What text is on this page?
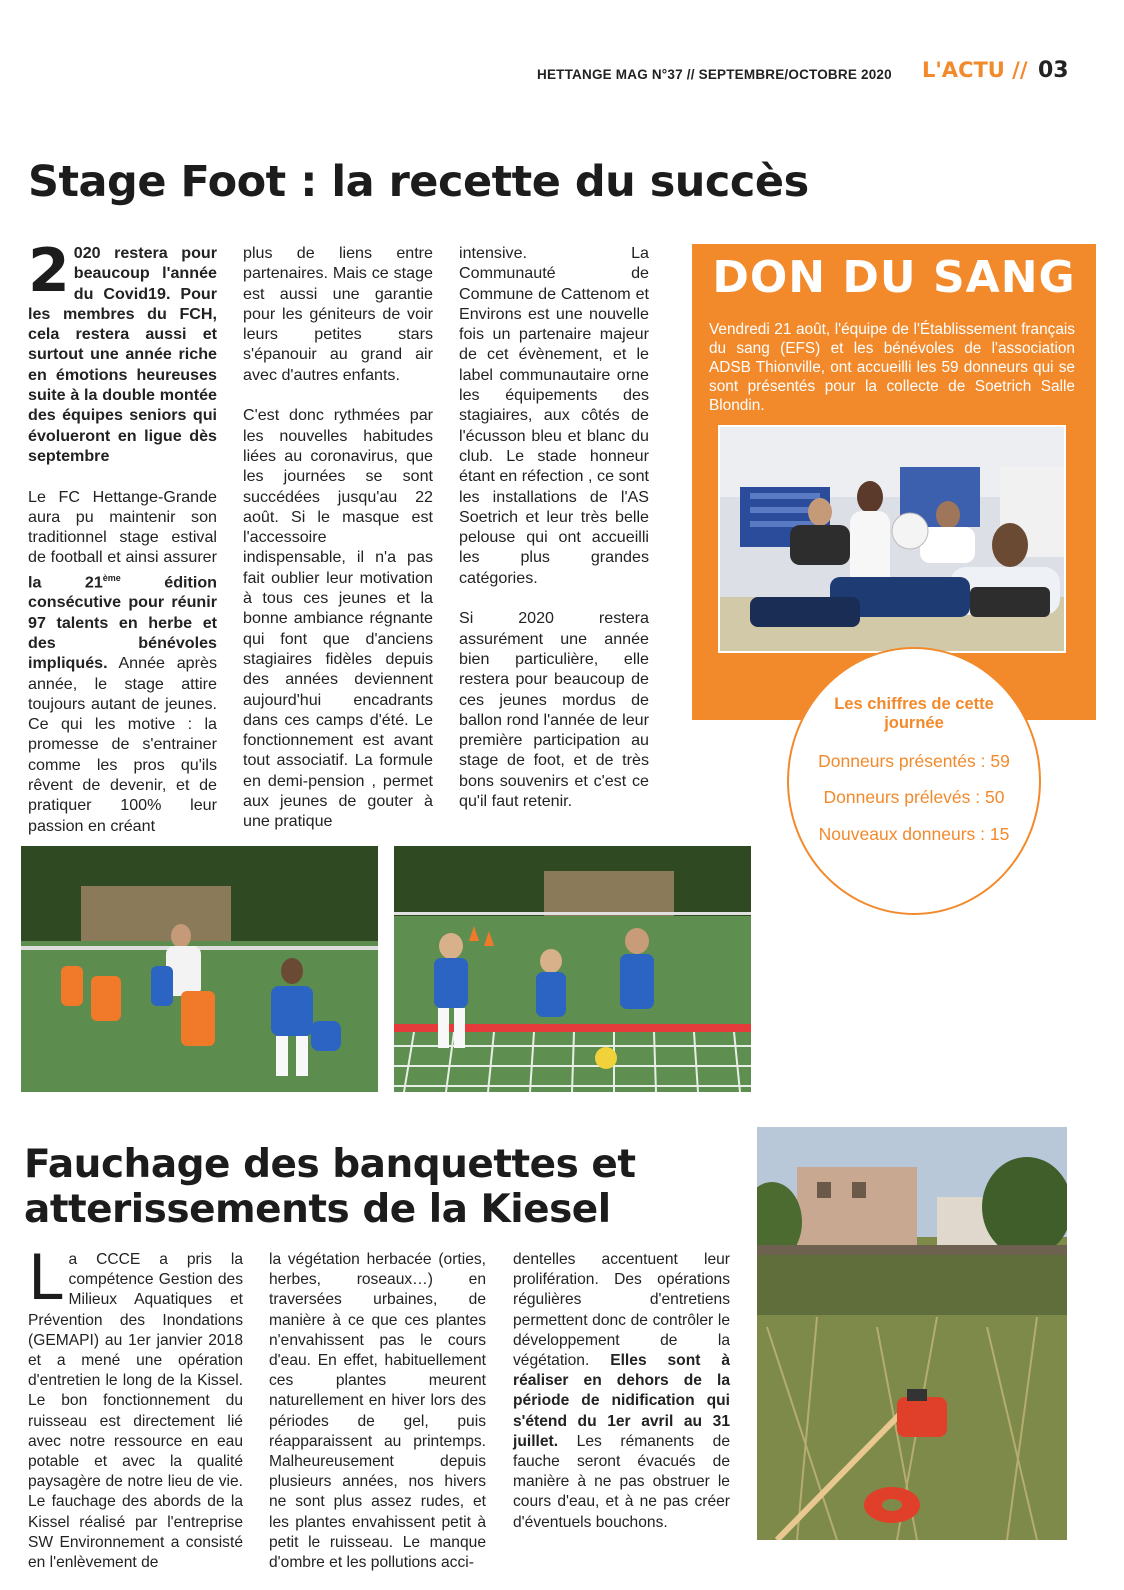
HETTANGE MAG N°37 // SEPTEMBRE/OCTOBRE 2020 L'ACTU // 03
Stage Foot : la recette du succès

2 020 restera pour beaucoup l'année du Covid19. Pour les membres du FCH, cela restera aussi et surtout une année riche en émotions heureuses suite à la double montée des équipes seniors qui évolueront en ligue dès septembre

Le FC Hettange-Grande aura pu maintenir son traditionnel stage estival de football et ainsi assurer la 21ème édition consécutive pour réunir 97 talents en herbe et des bénévoles impliqués. Année après année, le stage attire toujours autant de jeunes. Ce qui les motive : la promesse de s'entrainer comme les pros qu'ils rêvent de devenir, et de pratiquer 100% leur passion en créant

plus de liens entre partenaires. Mais ce stage est aussi une garantie pour les géniteurs de voir leurs petites stars s'épanouir au grand air avec d'autres enfants.

C'est donc rythmées par les nouvelles habitudes liées au coronavirus, que les journées se sont succédées jusqu'au 22 août. Si le masque est l'accessoire indispensable, il n'a pas fait oublier leur motivation à tous ces jeunes et la bonne ambiance régnante qui font que d'anciens stagiaires fidèles depuis des années deviennent aujourd'hui encadrants dans ces camps d'été. Le fonctionnement est avant tout associatif. La formule en demi-pension , permet aux jeunes de gouter à une pratique

intensive. La Communauté de Commune de Cattenom et Environs est une nouvelle fois un partenaire majeur de cet évènement, et le label communautaire orne les équipements des stagiaires, aux côtés de l'écusson bleu et blanc du club. Le stade honneur étant en réfection , ce sont les installations de l'AS Soetrich et leur très belle pelouse qui ont accueilli les plus grandes catégories.

Si 2020 restera assurément une année bien particulière, elle restera pour beaucoup de ces jeunes mordus de ballon rond l'année de leur première participation au stage de foot, et de très bons souvenirs et c'est ce qu'il faut retenir.

DON DU SANG
Vendredi 21 août, l'équipe de l'Établissement français du sang (EFS) et les bénévoles de l'association ADSB Thionville, ont accueilli les 59 donneurs qui se sont présentés pour la collecte de Soetrich Salle Blondin.
Les chiffres de cette journée
Donneurs présentés : 59
Donneurs prélevés : 50
Nouveaux donneurs : 15
Fauchage des banquettes et atterissements de la Kiesel

La CCCE a pris la compétence Gestion des Milieux Aquatiques et Prévention des Inondations (GEMAPI) au 1er janvier 2018 et a mené une opération d'entretien le long de la Kissel. Le bon fonctionnement du ruisseau est directement lié avec notre ressource en eau potable et avec la qualité paysagère de notre lieu de vie. Le fauchage des abords de la Kissel réalisé par l'entreprise SW Environnement a consisté en l'enlèvement de

la végétation herbacée (orties, herbes, roseaux…) en traversées urbaines, de manière à ce que ces plantes n'envahissent pas le cours d'eau. En effet, habituellement ces plantes meurent naturellement en hiver lors des périodes de gel, puis réapparaissent au printemps. Malheureusement depuis plusieurs années, nos hivers ne sont plus assez rudes, et les plantes envahissent petit à petit le ruisseau. Le manque d'ombre et les pollutions acci-

dentelles accentuent leur prolifération. Des opérations régulières d'entretiens permettent donc de contrôler le développement de la végétation. Elles sont à réaliser en dehors de la période de nidification qui s'étend du 1er avril au 31 juillet. Les rémanents de fauche seront évacués de manière à ne pas obstruer le cours d'eau, et à ne pas créer d'éventuels bouchons.
